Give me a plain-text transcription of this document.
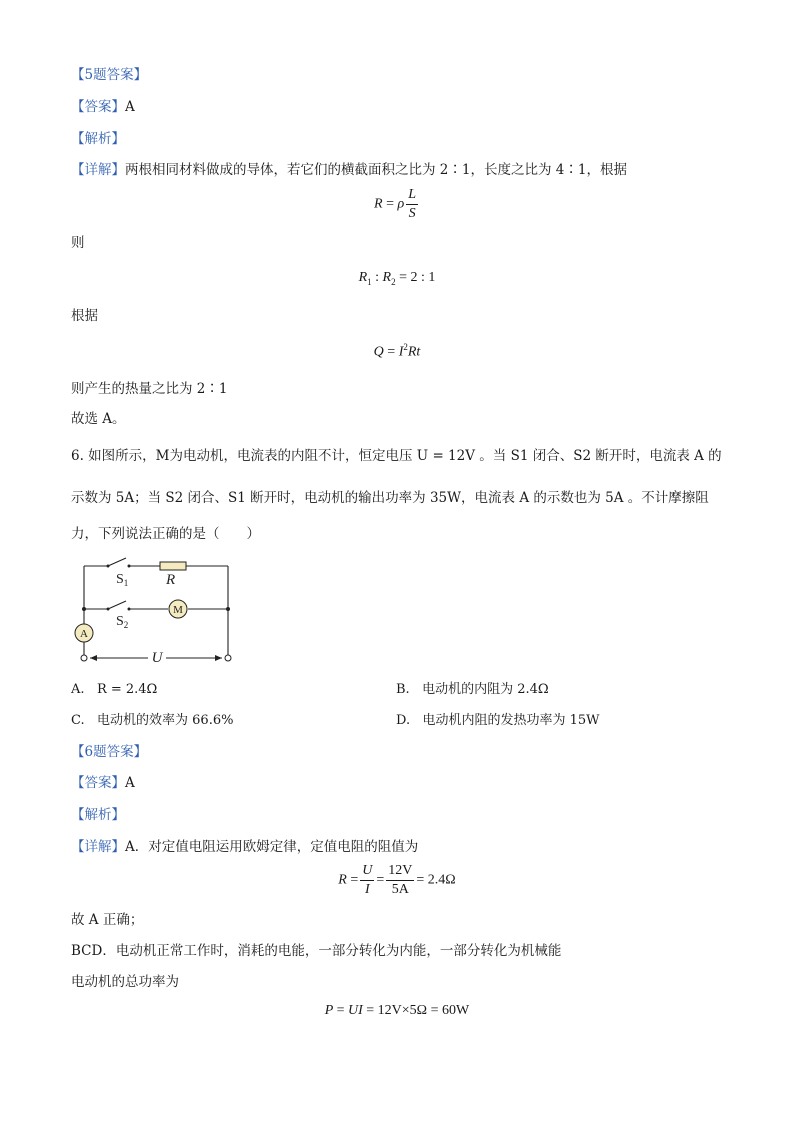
【5题答案】
【答案】A
【解析】
【详解】两根相同材料做成的导体，若它们的横截面积之比为 2∶1，长度之比为 4∶1，根据
R = ρ $\frac{L}{S}$
则
$R_1$ : $R_2 = 2$ : 1
根据
$Q = I^2Rt$
则产生的热量之比为 2∶1
故选 A。
6. 如图所示，M为电动机，电流表的内阻不计，恒定电压 U = 12V 。当 S1 闭合、S2 断开时，电流表 A 的
示数为 5A；当 S2 闭合、S1 断开时，电动机的输出功率为 35W，电流表 A 的示数也为 5A 。不计摩擦阻
力，下列说法正确的是（　　）
M
A
$S_1$	R
$S_2$
U
A. R = 2.4Ω	B. 电动机的内阻为 2.4Ω
C. 电动机的效率为 66.6%	D. 电动机内阻的发热功率为 15W
【6题答案】
【答案】A
【解析】
【详解】A．对定值电阻运用欧姆定律，定值电阻的阻值为
$R = \frac{U}{I} = \frac{12V}{5A} = 2.4\Omega$
故 A 正确；
BCD．电动机正常工作时，消耗的电能，一部分转化为内能，一部分转化为机械能
电动机的总功率为
P = UI = 12V×5Ω = 60W
